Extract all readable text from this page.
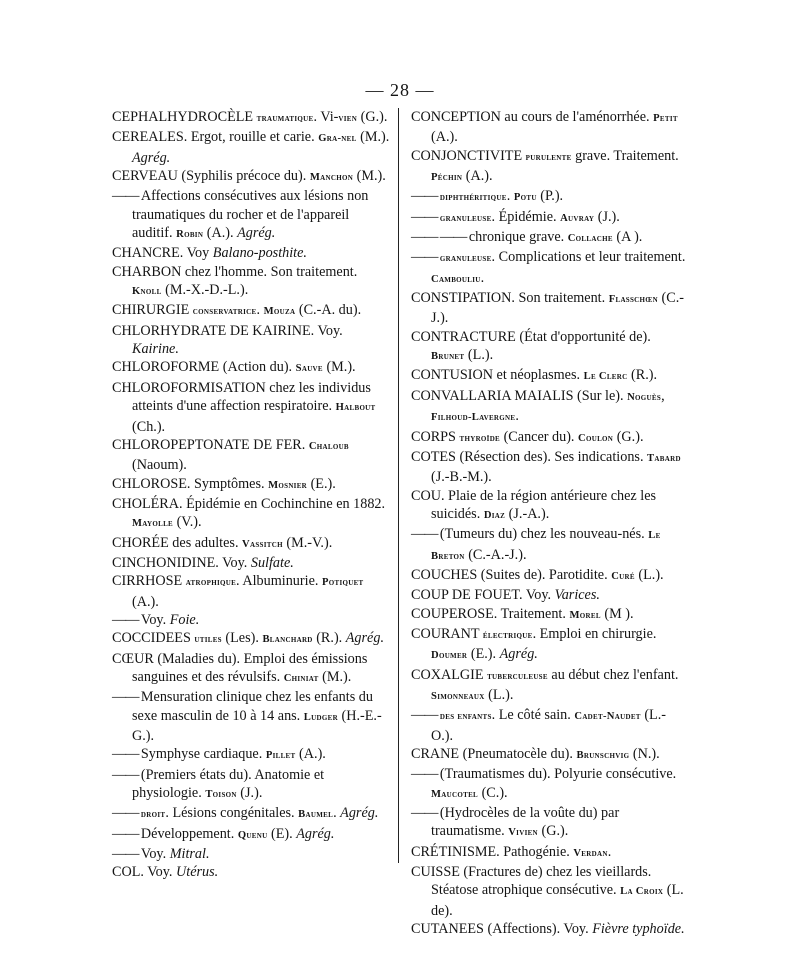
— 28 —

CEPHALHYDROCÈLE traumatique. Vi-vien (G.).

CEREALES. Ergot, rouille et carie. Gra-nel (M.). Agrég.

CERVEAU (Syphilis précoce du). Manchon (M.).

—— Affections consécutives aux lésions non traumatiques du rocher et de l'appareil auditif. Robin (A.). Agrég.

CHANCRE. Voy Balano-posthite.

CHARBON chez l'homme. Son traitement. Knoll (M.-X.-D.-L.).

CHIRURGIE conservatrice. Mouza (C.-A. du).

CHLORHYDRATE DE KAIRINE. Voy. Kairine.

CHLOROFORME (Action du). Sauve (M.).

CHLOROFORMISATION chez les individus atteints d'une affection respiratoire. Halbout (Ch.).

CHLOROPEPTONATE DE FER. Chaloub (Naoum).

CHLOROSE. Symptômes. Mosnier (E.).

CHOLÉRA. Épidémie en Cochinchine en 1882. Mayolle (V.).

CHORÉE des adultes. Vassitch (M.-V.).

CINCHONIDINE. Voy. Sulfate.

CIRRHOSE atrophique. Albuminurie. Potiquet (A.).

—— Voy. Foie.

COCCIDEES utiles (Les). Blanchard (R.). Agrég.

CŒUR (Maladies du). Emploi des émissions sanguines et des révulsifs. Chiniat (M.).

—— Mensuration clinique chez les enfants du sexe masculin de 10 à 14 ans. Ludger (H.-E.-G.).

—— Symphyse cardiaque. Pillet (A.).

—— (Premiers états du). Anatomie et physiologie. Toison (J.).

—— droit. Lésions congénitales. Baumel. Agrég.

—— Développement. Quenu (E). Agrég.

—— Voy. Mitral.

COL. Voy. Utérus.

CONCEPTION au cours de l'aménorrhée. Petit (A.).

CONJONCTIVITE purulente grave. Traitement. Péchin (A.).

—— diphthéritique. Potu (P.).

—— granuleuse. Épidémie. Auvray (J.).

—— —— chronique grave. Collache (A ).

—— granuleuse. Complications et leur traitement. Cambouliu.

CONSTIPATION. Son traitement. Flasschœn (C.-J.).

CONTRACTURE (État d'opportunité de). Brunet (L.).

CONTUSION et néoplasmes. Le Clerc (R.).

CONVALLARIA MAIALIS (Sur le). Noguès, Filhoud-Lavergne.

CORPS thyroïde (Cancer du). Coulon (G.).

COTES (Résection des). Ses indications. Tabard (J.-B.-M.).

COU. Plaie de la région antérieure chez les suicidés. Diaz (J.-A.).

—— (Tumeurs du) chez les nouveau-nés. Le Breton (C.-A.-J.).

COUCHES (Suites de). Parotidite. Curé (L.).

COUP DE FOUET. Voy. Varices.

COUPEROSE. Traitement. Morel (M ).

COURANT électrique. Emploi en chirurgie. Doumer (E.). Agrég.

COXALGIE tuberculeuse au début chez l'enfant. Simonneaux (L.).

—— des enfants. Le côté sain. Cadet-Naudet (L.-O.).

CRANE (Pneumatocèle du). Brunschvig (N.).

—— (Traumatismes du). Polyurie consécutive. Maucotel (C.).

—— (Hydrocèles de la voûte du) par traumatisme. Vivien (G.).

CRÉTINISME. Pathogénie. Verdan.

CUISSE (Fractures de) chez les vieillards. Stéatose atrophique consécutive. La Croix (L. de).

CUTANEES (Affections). Voy. Fièvre typhoïde.
